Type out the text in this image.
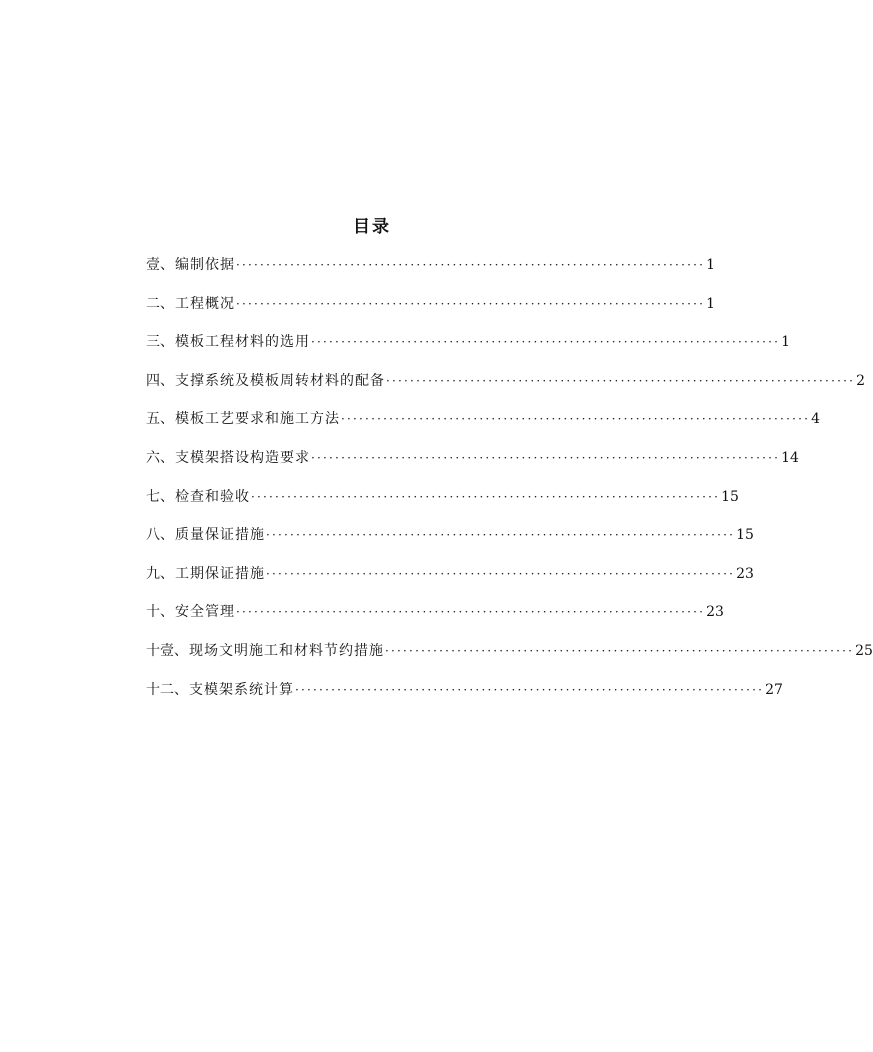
目录
壹 、编制依据 ·············································································· 1
二 、工程概况 ·············································································· 1
三 、模板工程材料的选用 ·············································································· 1
四 、支撑系统及模板周转材料的配备 ·············································································· 2
五 、模板工艺要求和施工方法 ·············································································· 4
六 、支模架搭设构造要求 ·············································································· 14
七 、检查和验收 ·············································································· 15
八 、质量保证措施 ·············································································· 15
九 、工期保证措施 ·············································································· 23
十 、安全管理 ·············································································· 23
十壹 、现场文明施工和材料节约措施 ·············································································· 25
十二 、支模架系统计算 ·············································································· 27
